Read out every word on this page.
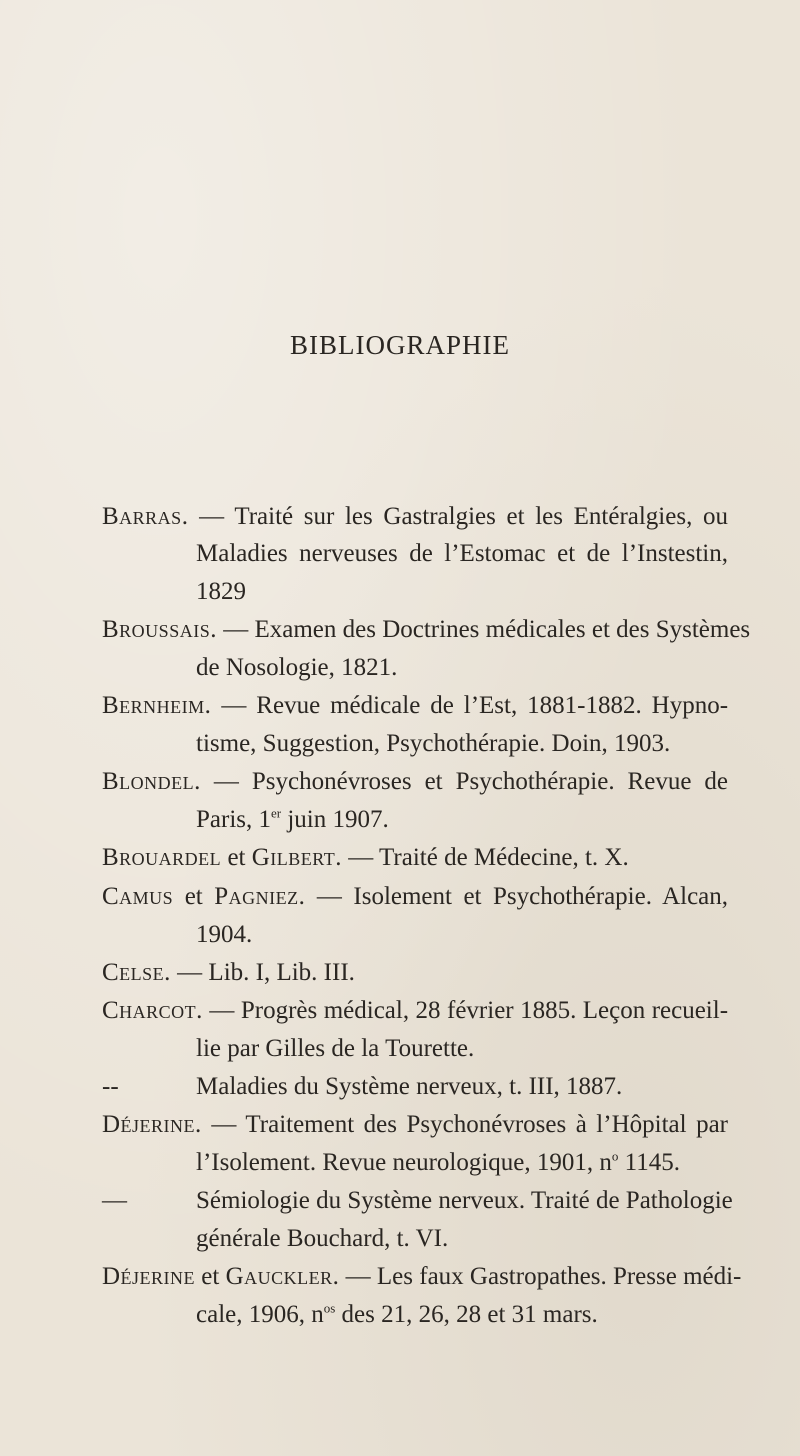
BIBLIOGRAPHIE
Barras. — Traité sur les Gastralgies et les Entéralgies, ou
Maladies nerveuses de l’Estomac et de l’Instestin,
1829
Broussais. — Examen des Doctrines médicales et des Systèmes
de Nosologie, 1821.
Bernheim. — Revue médicale de l’Est, 1881-1882. Hypno-
tisme, Suggestion, Psychothérapie. Doin, 1903.
Blondel. — Psychonévroses et Psychothérapie. Revue de
Paris, 1er juin 1907.
Brouardel et Gilbert. — Traité de Médecine, t. X.
Camus et Pagniez. — Isolement et Psychothérapie. Alcan,
1904.
Celse. — Lib. I, Lib. III.
Charcot. — Progrès médical, 28 février 1885. Leçon recueil-
lie par Gilles de la Tourette.
--	Maladies du Système nerveux, t. III, 1887.
Déjerine. — Traitement des Psychonévroses à l’Hôpital par
l’Isolement. Revue neurologique, 1901, $n^o$ 1145.
—	Sémiologie du Système nerveux. Traité de Pathologie
générale Bouchard, t. VI.
Déjerine et Gauckler. — Les faux Gastropathes. Presse médi-
cale, 1906, $n^{os}$ des 21, 26, 28 et 31 mars.
